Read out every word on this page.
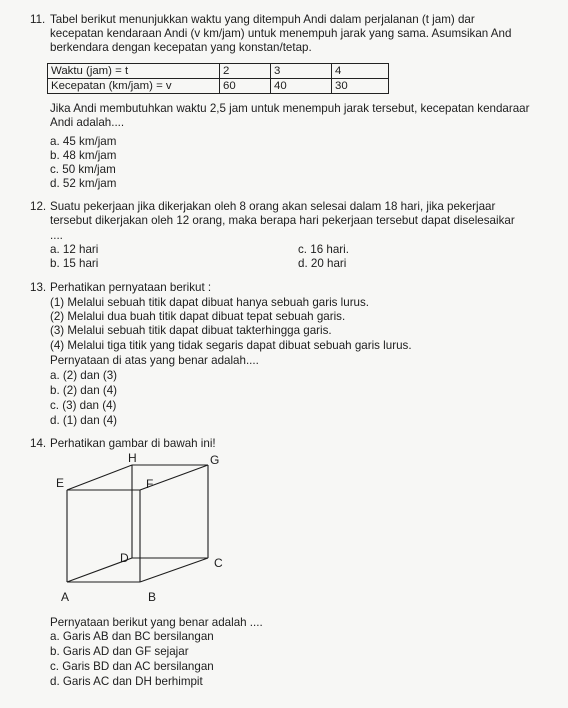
11. Tabel berikut menunjukkan waktu yang ditempuh Andi dalam perjalanan (t jam) dar
kecepatan kendaraan Andi (v km/jam) untuk menempuh jarak yang sama. Asumsikan And
berkendara dengan kecepatan yang konstan/tetap.
Waktu (jam) = t	2	3	4
Kecepatan (km/jam) = v	60	40	30
Jika Andi membutuhkan waktu 2,5 jam untuk menempuh jarak tersebut, kecepatan kendaraar
Andi adalah....
a. 45 km/jam
b. 48 km/jam
c. 50 km/jam
d. 52 km/jam
12. Suatu pekerjaan jika dikerjakan oleh 8 orang akan selesai dalam 18 hari, jika pekerjaar
tersebut dikerjakan oleh 12 orang, maka berapa hari pekerjaan tersebut dapat diselesaikar
....
a. 12 hari	c. 16 hari.
b. 15 hari	d. 20 hari
13. Perhatikan pernyataan berikut :
(1) Melalui sebuah titik dapat dibuat hanya sebuah garis lurus.
(2) Melalui dua buah titik dapat dibuat tepat sebuah garis.
(3) Melalui sebuah titik dapat dibuat takterhingga garis.
(4) Melalui tiga titik yang tidak segaris dapat dibuat sebuah garis lurus.
Pernyataan di atas yang benar adalah....
a. (2) dan (3)
b. (2) dan (4)
c. (3) dan (4)
d. (1) dan (4)
14. Perhatikan gambar di bawah ini!
H	G
E	F
D	C
A	B
Pernyataan berikut yang benar adalah ....
a. Garis AB dan BC bersilangan
b. Garis AD dan GF sejajar
c. Garis BD dan AC bersilangan
d. Garis AC dan DH berhimpit
